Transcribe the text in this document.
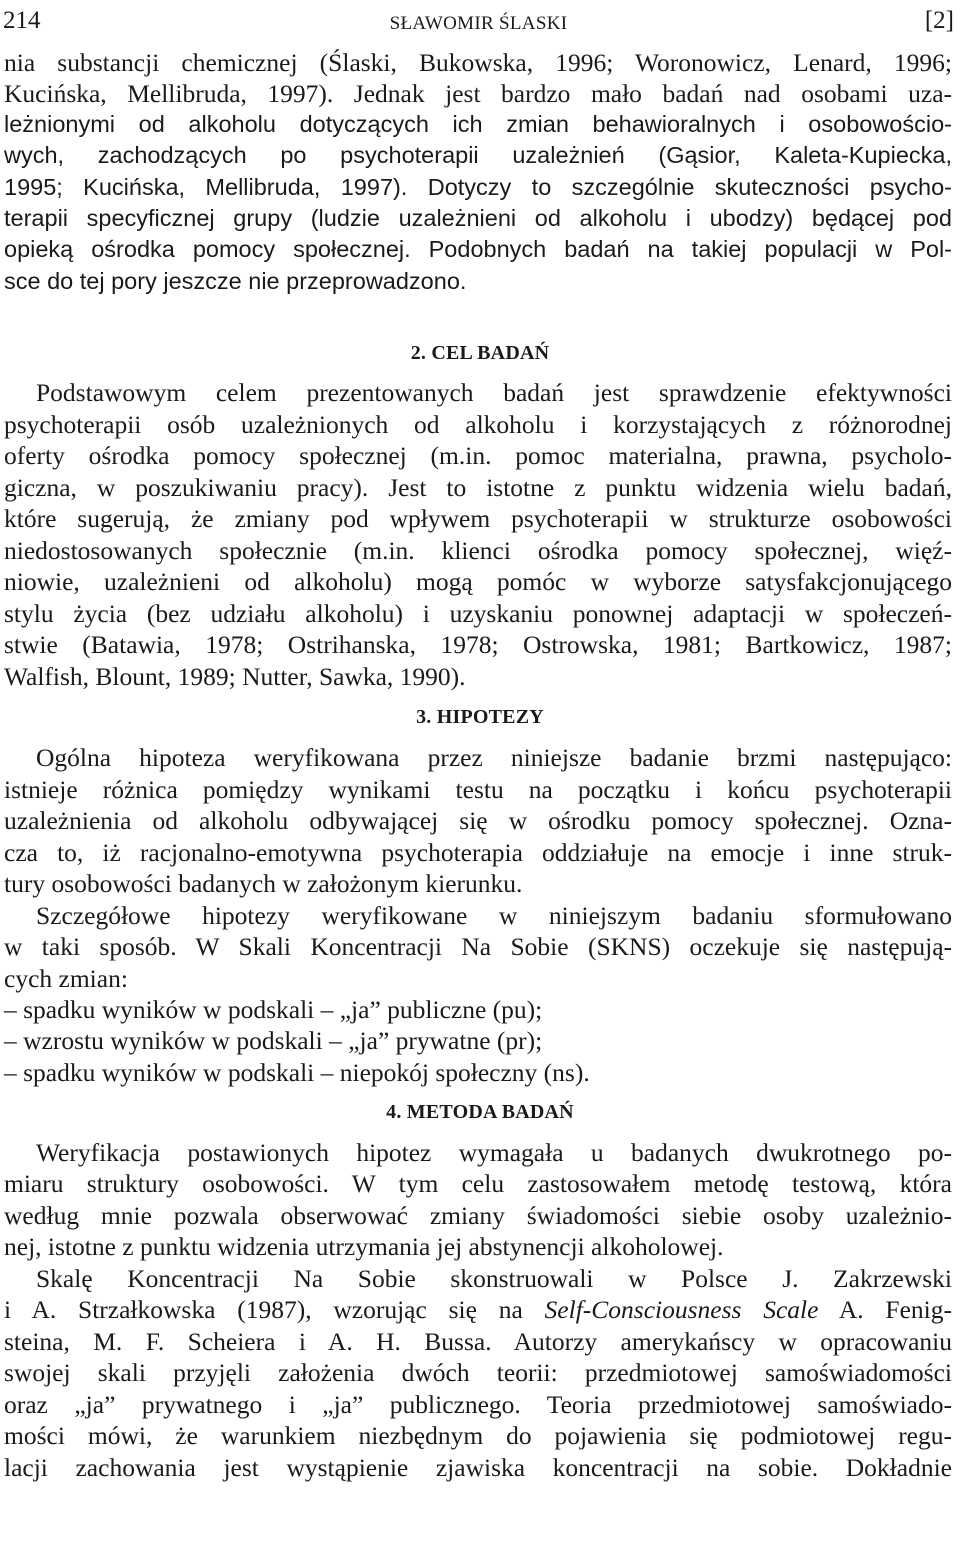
214	SŁAWOMIR ŚLASKI	[2]
nia substancji chemicznej (Ślaski, Bukowska, 1996; Woronowicz, Lenard, 1996;
Kucińska, Mellibruda, 1997). Jednak jest bardzo mało badań nad osobami uza-
leżnionymi od alkoholu dotyczących ich zmian behawioralnych i osobowościo-
wych, zachodzących po psychoterapii uzależnień (Gąsior, Kaleta-Kupiecka,
1995; Kucińska, Mellibruda, 1997). Dotyczy to szczególnie skuteczności psycho-
terapii specyficznej grupy (ludzie uzależnieni od alkoholu i ubodzy) będącej pod
opieką ośrodka pomocy społecznej. Podobnych badań na takiej populacji w Pol-
sce do tej pory jeszcze nie przeprowadzono.
2. CEL BADAŃ
Podstawowym celem prezentowanych badań jest sprawdzenie efektywności
psychoterapii osób uzależnionych od alkoholu i korzystających z różnorodnej
oferty ośrodka pomocy społecznej (m.in. pomoc materialna, prawna, psycholo-
giczna, w poszukiwaniu pracy). Jest to istotne z punktu widzenia wielu badań,
które sugerują, że zmiany pod wpływem psychoterapii w strukturze osobowości
niedostosowanych społecznie (m.in. klienci ośrodka pomocy społecznej, więź-
niowie, uzależnieni od alkoholu) mogą pomóc w wyborze satysfakcjonującego
stylu życia (bez udziału alkoholu) i uzyskaniu ponownej adaptacji w społeczeń-
stwie (Batawia, 1978; Ostrihanska, 1978; Ostrowska, 1981; Bartkowicz, 1987;
Walfish, Blount, 1989; Nutter, Sawka, 1990).
3. HIPOTEZY
Ogólna hipoteza weryfikowana przez niniejsze badanie brzmi następująco:
istnieje różnica pomiędzy wynikami testu na początku i końcu psychoterapii
uzależnienia od alkoholu odbywającej się w ośrodku pomocy społecznej. Ozna-
cza to, iż racjonalno-emotywna psychoterapia oddziałuje na emocje i inne struk-
tury osobowości badanych w założonym kierunku.
Szczegółowe hipotezy weryfikowane w niniejszym badaniu sformułowano
w taki sposób. W Skali Koncentracji Na Sobie (SKNS) oczekuje się następują-
cych zmian:
– spadku wyników w podskali – „ja” publiczne (pu);
– wzrostu wyników w podskali – „ja” prywatne (pr);
– spadku wyników w podskali – niepokój społeczny (ns).
4. METODA BADAŃ
Weryfikacja postawionych hipotez wymagała u badanych dwukrotnego po-
miaru struktury osobowości. W tym celu zastosowałem metodę testową, która
według mnie pozwala obserwować zmiany świadomości siebie osoby uzależnio-
nej, istotne z punktu widzenia utrzymania jej abstynencji alkoholowej.
Skalę Koncentracji Na Sobie skonstruowali w Polsce J. Zakrzewski
i A. Strzałkowska (1987), wzorując się na Self-Consciousness Scale A. Fenig-
steina, M. F. Scheiera i A. H. Bussa. Autorzy amerykańscy w opracowaniu
swojej skali przyjęli założenia dwóch teorii: przedmiotowej samoświadomości
oraz „ja” prywatnego i „ja” publicznego. Teoria przedmiotowej samoświado-
mości mówi, że warunkiem niezbędnym do pojawienia się podmiotowej regu-
lacji zachowania jest wystąpienie zjawiska koncentracji na sobie. Dokładnie
